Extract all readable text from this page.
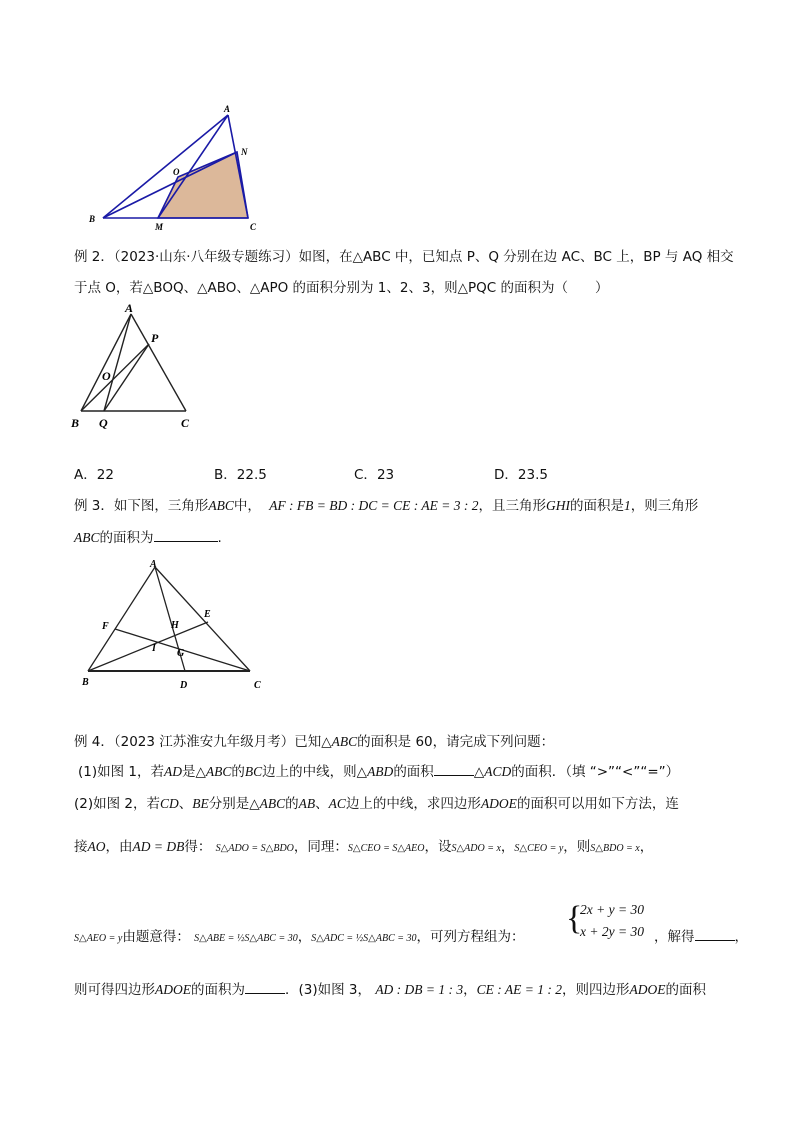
A
N
O
B
M	C
例 2．（2023·山东·八年级专题练习）如图，在△ABC 中，已知点 P、Q 分别在边 AC、BC 上，BP 与 AQ 相交
于点 O，若△BOQ、△ABO、△APO 的面积分别为 1、2、3，则△PQC 的面积为（　　）
A
P
O
B Q	C
A．22	B．22.5	C．23	D．23.5
例 3．如下图，三角形ABC中， AF : FB = BD : DC = CE : AE = 3 : 2，且三角形GHI的面积是1，则三角形
ABC的面积为	.
A
E
F	H
I G
B	D	C
例 4．（2023 江苏淮安九年级月考）已知△ABC的面积是 60，请完成下列问题：
(1)如图 1，若AD是△ABC的BC边上的中线，则△ABD的面积	△ACD的面积．（填 “>”“<”“=”）
(2)如图 2，若CD、BE分别是△ABC的AB、AC边上的中线，求四边形ADOE的面积可以用如下方法，连
接AO，由AD = DB得： S△ADO = S△BDO，同理：S△CEO = S△AEO，设S△ADO = x，S△CEO = y，则S△BDO = x，
S△AEO = y由题意得： S△ABE = ½S△ABC = 30，S△ADC = ½S△ABC = 30，可列方程组为： {
2x + y = 30
x + 2y = 30 ，解得	，
则可得四边形ADOE的面积为	．(3)如图 3， AD : DB = 1 : 3，CE : AE = 1 : 2，则四边形ADOE的面积
